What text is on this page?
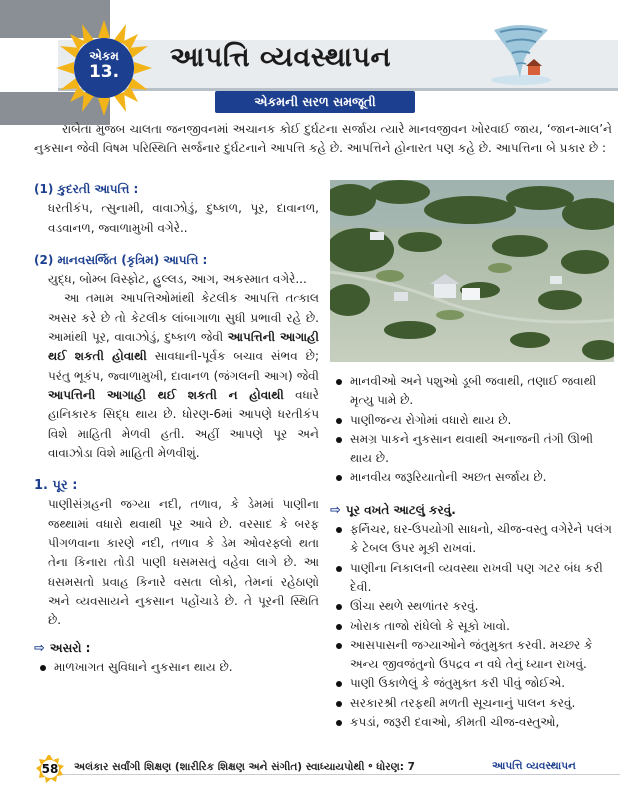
એકમ
13.	આપત્તિ વ્યવસ્થાપન
એકમની સરળ સમજૂતી

રાબેતા મુજબ ચાલતા જનજીવનમાં અચાનક કોઈ દુર્ઘટના સર્જાય ત્યારે માનવજીવન ખોરવાઈ જાય, ‘જાન-માલ’ને નુકસાન જેવી વિષમ પરિસ્થિતિ સર્જનાર દુર્ઘટનાને આપત્તિ કહે છે. આપત્તિને હોનારત પણ કહે છે. આપત્તિના બે પ્રકાર છે :

(1) કુદરતી આપત્તિ :

ધરતીકંપ, ત્સુનામી, વાવાઝોડું, દુષ્કાળ, પૂર, દાવાનળ, વડવાનળ, જ્વાળામુખી વગેરે..

(2) માનવસર્જિત (કૃત્રિમ) આપત્તિ :

યુદ્ધ, બોમ્બ વિસ્ફોટ, હુલ્લડ, આગ, અકસ્માત વગેરે...

આ તમામ આપત્તિઓમાંથી કેટલીક આપત્તિ તત્કાલ અસર કરે છે તો કેટલીક લાંબાગાળા સુધી પ્રભાવી રહે છે. આમાંથી પૂર, વાવાઝોડું, દુષ્કાળ જેવી આપત્તિની આગાહી થઈ શકતી હોવાથી સાવધાની-પૂર્વક બચાવ સંભવ છે; પરંતુ ભૂકંપ, જ્વાળામુખી, દાવાનળ (જંગલની આગ) જેવી આપત્તિની આગાહી થઈ શકતી ન હોવાથી વધારે હાનિકારક સિદ્ધ થાય છે. ધોરણ-6માં આપણે ધરતીકંપ વિશે માહિતી મેળવી હતી. અહીં આપણે પૂર અને વાવાઝોડા વિશે માહિતી મેળવીશું.

1. પૂર :

પાણીસંગ્રહની જગ્યા નદી, તળાવ, કે ડેમમાં પાણીના જથ્થામાં વધારો થવાથી પૂર આવે છે. વરસાદ કે બરફ પીગળવાના કારણે નદી, તળાવ કે ડેમ ઓવરફ્લો થતા તેના કિનારા તોડી પાણી ધસમસતું વહેવા લાગે છે. આ ધસમસતો પ્રવાહ કિનારે વસતા લોકો, તેમનાં રહેઠાણો અને વ્યવસાયને નુકસાન પહોંચાડે છે. તે પૂરની સ્થિતિ છે.

⇨ અસરો :

માળખાગત સુવિધાને નુકસાન થાય છે.
માનવીઓ અને પશુઓ ડૂબી જવાથી, તણાઈ જવાથી મૃત્યુ પામે છે.
પાણીજન્ય રોગોમાં વધારો થાય છે.
સમગ્ર પાકને નુકસાન થવાથી અનાજની તંગી ઊભી થાય છે.
માનવીય જરૂરિયાતોની અછત સર્જાય છે.

⇨ પૂર વખતે આટલું કરવું.

ફર્નિચર, ઘર-ઉપયોગી સાધનો, ચીજ-વસ્તુ વગેરેને પલંગ કે ટેબલ ઉપર મૂકી રાખવાં.
પાણીના નિકાલની વ્યવસ્થા રાખવી પણ ગટર બંધ કરી દેવી.
ઊંચા સ્થળે સ્થળાંતર કરવું.
ખોરાક તાજો રાંધેલો કે સૂકો ખાવો.
આસપાસની જગ્યાઓને જંતુમુક્ત કરવી. મચ્છર કે અન્ય જીવજંતુનો ઉપદ્રવ ન વધે તેનું ધ્યાન રાખવું.
પાણી ઉકાળેલું કે જંતુમુક્ત કરી પીવું જોઈએ.
સરકારશ્રી તરફથી મળતી સૂચનાનું પાલન કરવું.
કપડાં, જરૂરી દવાઓ, કીમતી ચીજ-વસ્તુઓ,
58	અલંકાર સર્વાંગી શિક્ષણ (શારીરિક શિક્ષણ અને સંગીત) સ્વાધ્યાયપોથી ॰ ધોરણ: 7	આપત્તિ વ્યવસ્થાપન
